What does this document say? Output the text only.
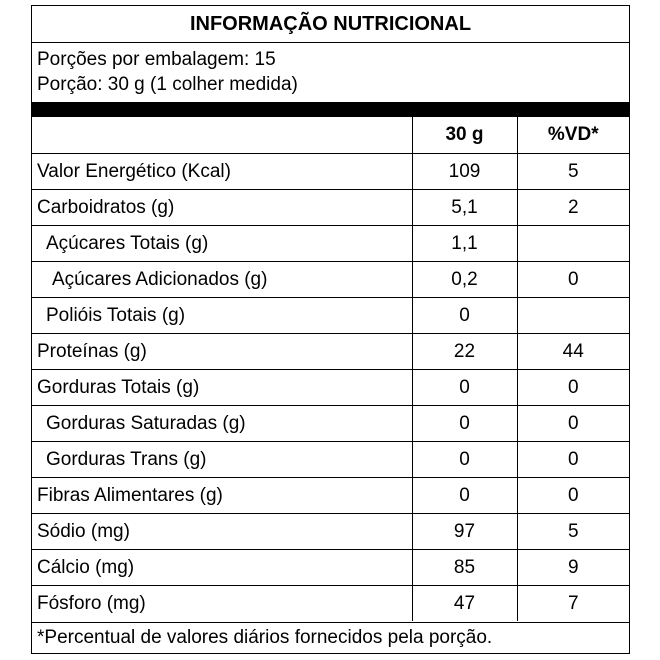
INFORMAÇÃO NUTRICIONAL
Porções por embalagem: 15
Porção: 30 g (1 colher medida)
	30 g	%VD*
Valor Energético (Kcal)	109	5
Carboidratos (g)	5,1	2
Açúcares Totais (g)	1,1	
Açúcares Adicionados (g)	0,2	0
Polióis Totais (g)	0	
Proteínas (g)	22	44
Gorduras Totais (g)	0	0
Gorduras Saturadas (g)	0	0
Gorduras Trans (g)	0	0
Fibras Alimentares (g)	0	0
Sódio (mg)	97	5
Cálcio (mg)	85	9
Fósforo (mg)	47	7
*Percentual de valores diários fornecidos pela porção.
